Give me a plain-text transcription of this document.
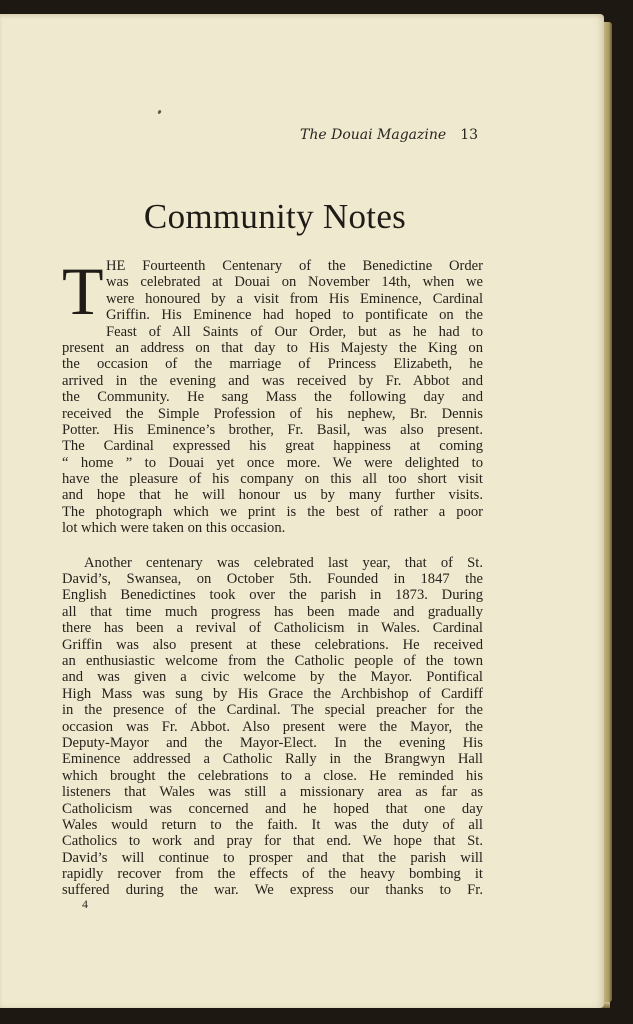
The Douai Magazine 13
Community Notes
T HE Fourteenth Centenary of the Benedictine Order
was celebrated at Douai on November 14th, when we
were honoured by a visit from His Eminence, Cardinal
Griffin. His Eminence had hoped to pontificate on the
Feast of All Saints of Our Order, but as he had to
present an address on that day to His Majesty the King on
the occasion of the marriage of Princess Elizabeth, he
arrived in the evening and was received by Fr. Abbot and
the Community. He sang Mass the following day and
received the Simple Profession of his nephew, Br. Dennis
Potter. His Eminence’s brother, Fr. Basil, was also present.
The Cardinal expressed his great happiness at coming
“ home ” to Douai yet once more. We were delighted to
have the pleasure of his company on this all too short visit
and hope that he will honour us by many further visits.
The photograph which we print is the best of rather a poor
lot which were taken on this occasion.
Another centenary was celebrated last year, that of St.
David’s, Swansea, on October 5th. Founded in 1847 the
English Benedictines took over the parish in 1873. During
all that time much progress has been made and gradually
there has been a revival of Catholicism in Wales. Cardinal
Griffin was also present at these celebrations. He received
an enthusiastic welcome from the Catholic people of the town
and was given a civic welcome by the Mayor. Pontifical
High Mass was sung by His Grace the Archbishop of Cardiff
in the presence of the Cardinal. The special preacher for the
occasion was Fr. Abbot. Also present were the Mayor, the
Deputy-Mayor and the Mayor-Elect. In the evening His
Eminence addressed a Catholic Rally in the Brangwyn Hall
which brought the celebrations to a close. He reminded his
listeners that Wales was still a missionary area as far as
Catholicism was concerned and he hoped that one day
Wales would return to the faith. It was the duty of all
Catholics to work and pray for that end. We hope that St.
David’s will continue to prosper and that the parish will
rapidly recover from the effects of the heavy bombing it
suffered during the war. We express our thanks to Fr.
4
